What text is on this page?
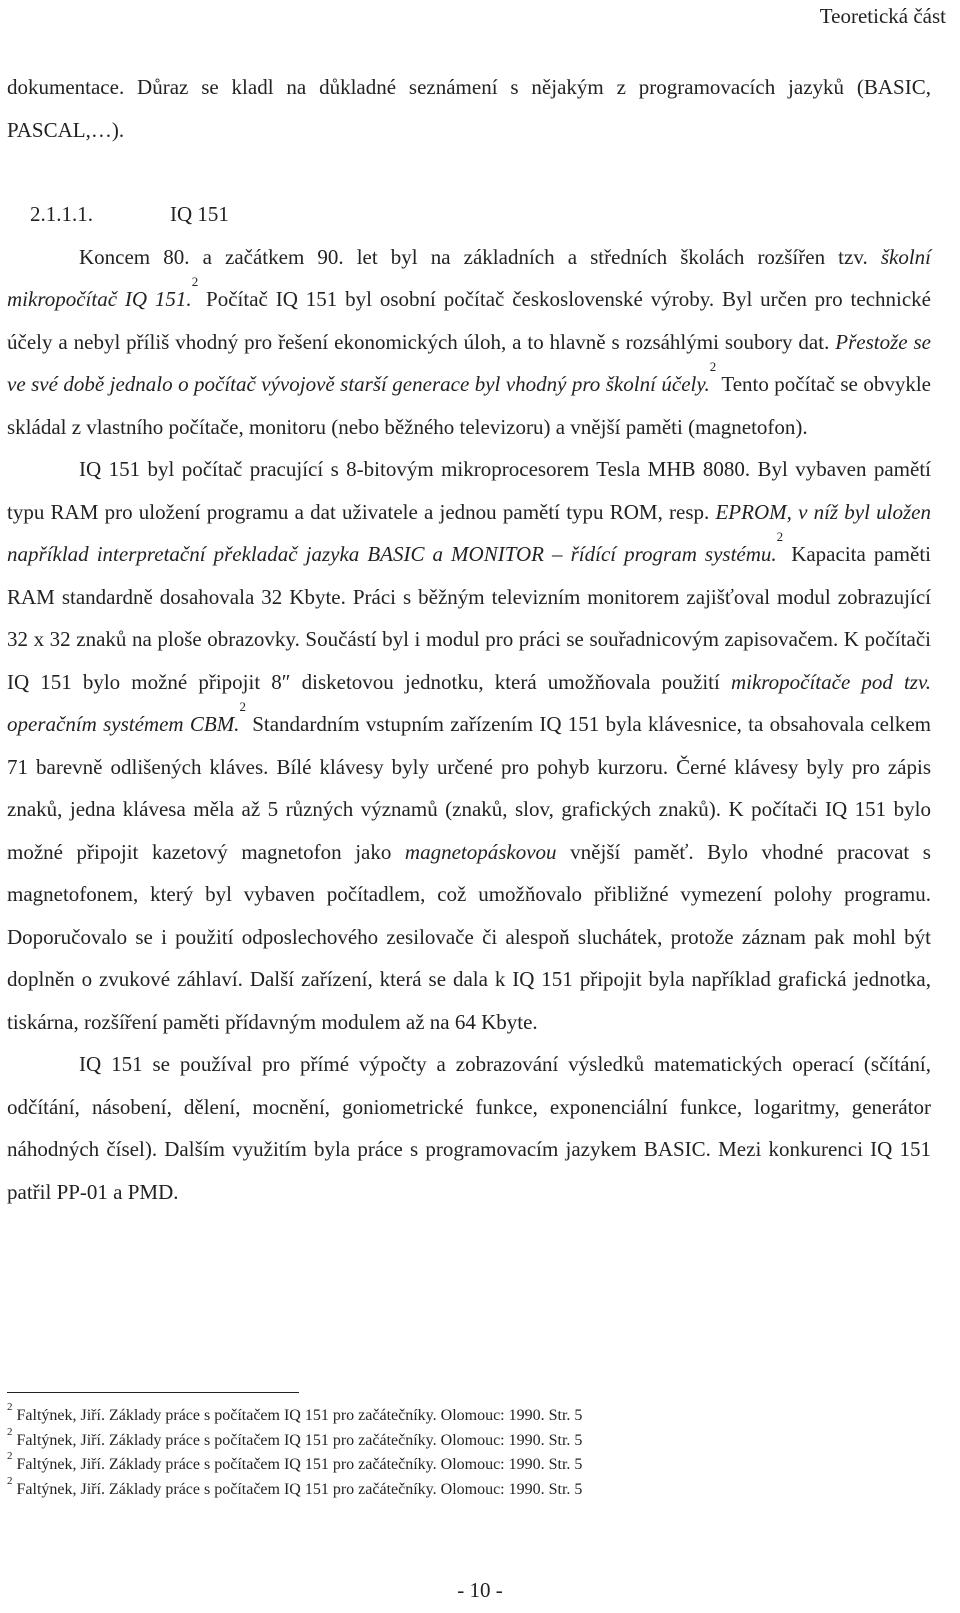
Teoretická část

dokumentace. Důraz se kladl na důkladné seznámení s nějakým z programovacích jazyků (BASIC, PASCAL,…).

2.1.1.1.	IQ 151

Koncem 80. a začátkem 90. let byl na základních a středních školách rozšířen tzv. školní mikropočítač IQ 151.$^2$ Počítač IQ 151 byl osobní počítač československé výroby. Byl určen pro technické účely a nebyl příliš vhodný pro řešení ekonomických úloh, a to hlavně s rozsáhlými soubory dat. Přestože se ve své době jednalo o počítač vývojově starší generace byl vhodný pro školní účely.$^2$ Tento počítač se obvykle skládal z vlastního počítače, monitoru (nebo běžného televizoru) a vnější paměti (magnetofon).

IQ 151 byl počítač pracující s 8-bitovým mikroprocesorem Tesla MHB 8080. Byl vybaven pamětí typu RAM pro uložení programu a dat uživatele a jednou pamětí typu ROM, resp. EPROM, v níž byl uložen například interpretační překladač jazyka BASIC a MONITOR – řídící program systému.$^2$ Kapacita paměti RAM standardně dosahovala 32 Kbyte. Práci s běžným televizním monitorem zajišťoval modul zobrazující 32 x 32 znaků na ploše obrazovky. Součástí byl i modul pro práci se souřadnicovým zapisovačem. K počítači IQ 151 bylo možné připojit 8″ disketovou jednotku, která umožňovala použití mikropočítače pod tzv. operačním systémem CBM.$^2$ Standardním vstupním zařízením IQ 151 byla klávesnice, ta obsahovala celkem 71 barevně odlišených kláves. Bílé klávesy byly určené pro pohyb kurzoru. Černé klávesy byly pro zápis znaků, jedna klávesa měla až 5 různých významů (znaků, slov, grafických znaků). K počítači IQ 151 bylo možné připojit kazetový magnetofon jako magnetopáskovou vnější paměť. Bylo vhodné pracovat s magnetofonem, který byl vybaven počítadlem, což umožňovalo přibližné vymezení polohy programu. Doporučovalo se i použití odposlechového zesilovače či alespoň sluchátek, protože záznam pak mohl být doplněn o zvukové záhlaví. Další zařízení, která se dala k IQ 151 připojit byla například grafická jednotka, tiskárna, rozšíření paměti přídavným modulem až na 64 Kbyte.

IQ 151 se používal pro přímé výpočty a zobrazování výsledků matematických operací (sčítání, odčítání, násobení, dělení, mocnění, goniometrické funkce, exponenciální funkce, logaritmy, generátor náhodných čísel). Dalším využitím byla práce s programovacím jazykem BASIC. Mezi konkurenci IQ 151 patřil PP-01 a PMD.

$^2$ Faltýnek, Jiří. Základy práce s počítačem IQ 151 pro začátečníky. Olomouc: 1990. Str. 5
$^2$ Faltýnek, Jiří. Základy práce s počítačem IQ 151 pro začátečníky. Olomouc: 1990. Str. 5
$^2$ Faltýnek, Jiří. Základy práce s počítačem IQ 151 pro začátečníky. Olomouc: 1990. Str. 5
$^2$ Faltýnek, Jiří. Základy práce s počítačem IQ 151 pro začátečníky. Olomouc: 1990. Str. 5
- 10 -
